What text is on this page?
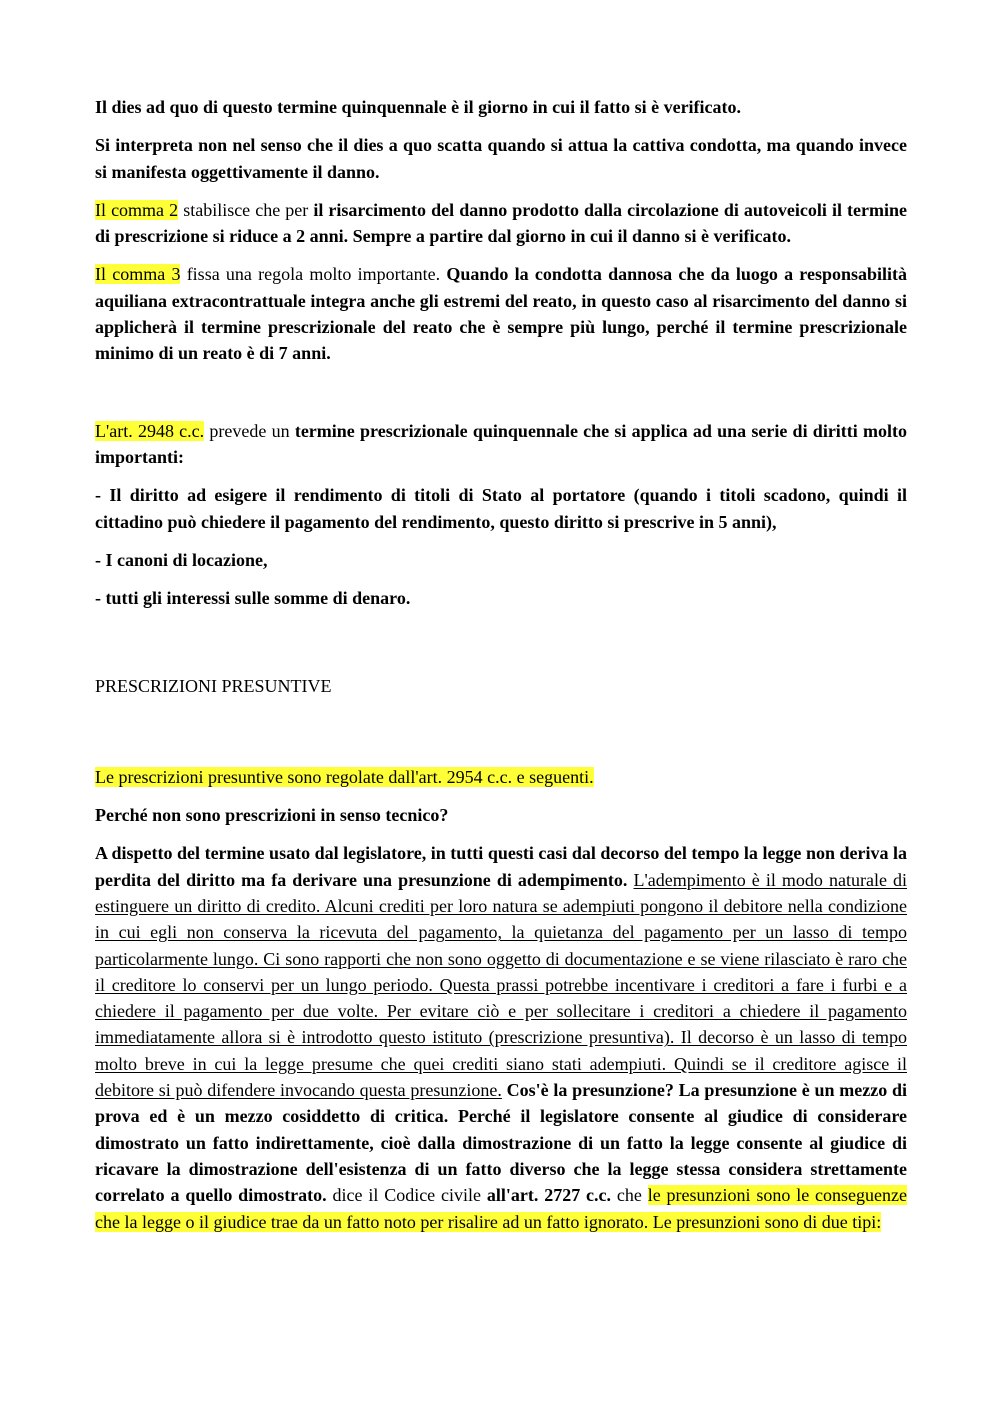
Il dies ad quo di questo termine quinquennale è il giorno in cui il fatto si è verificato.

Si interpreta non nel senso che il dies a quo scatta quando si attua la cattiva condotta, ma quando invece si manifesta oggettivamente il danno.

Il comma 2 stabilisce che per il risarcimento del danno prodotto dalla circolazione di autoveicoli il termine di prescrizione si riduce a 2 anni. Sempre a partire dal giorno in cui il danno si è verificato.

Il comma 3 fissa una regola molto importante. Quando la condotta dannosa che da luogo a responsabilità aquiliana extracontrattuale integra anche gli estremi del reato, in questo caso al risarcimento del danno si applicherà il termine prescrizionale del reato che è sempre più lungo, perché il termine prescrizionale minimo di un reato è di 7 anni.

L'art. 2948 c.c. prevede un termine prescrizionale quinquennale che si applica ad una serie di diritti molto importanti:

- Il diritto ad esigere il rendimento di titoli di Stato al portatore (quando i titoli scadono, quindi il cittadino può chiedere il pagamento del rendimento, questo diritto si prescrive in 5 anni),

- I canoni di locazione,

- tutti gli interessi sulle somme di denaro.

PRESCRIZIONI PRESUNTIVE

Le prescrizioni presuntive sono regolate dall'art. 2954 c.c. e seguenti.

Perché non sono prescrizioni in senso tecnico?

A dispetto del termine usato dal legislatore, in tutti questi casi dal decorso del tempo la legge non deriva la perdita del diritto ma fa derivare una presunzione di adempimento. L'adempimento è il modo naturale di estinguere un diritto di credito. Alcuni crediti per loro natura se adempiuti pongono il debitore nella condizione in cui egli non conserva la ricevuta del pagamento, la quietanza del pagamento per un lasso di tempo particolarmente lungo. Ci sono rapporti che non sono oggetto di documentazione e se viene rilasciato è raro che il creditore lo conservi per un lungo periodo. Questa prassi potrebbe incentivare i creditori a fare i furbi e a chiedere il pagamento per due volte. Per evitare ciò e per sollecitare i creditori a chiedere il pagamento immediatamente allora si è introdotto questo istituto (prescrizione presuntiva). Il decorso è un lasso di tempo molto breve in cui la legge presume che quei crediti siano stati adempiuti. Quindi se il creditore agisce il debitore si può difendere invocando questa presunzione. Cos'è la presunzione? La presunzione è un mezzo di prova ed è un mezzo cosiddetto di critica. Perché il legislatore consente al giudice di considerare dimostrato un fatto indirettamente, cioè dalla dimostrazione di un fatto la legge consente al giudice di ricavare la dimostrazione dell'esistenza di un fatto diverso che la legge stessa considera strettamente correlato a quello dimostrato. dice il Codice civile all'art. 2727 c.c. che le presunzioni sono le conseguenze che la legge o il giudice trae da un fatto noto per risalire ad un fatto ignorato. Le presunzioni sono di due tipi:
